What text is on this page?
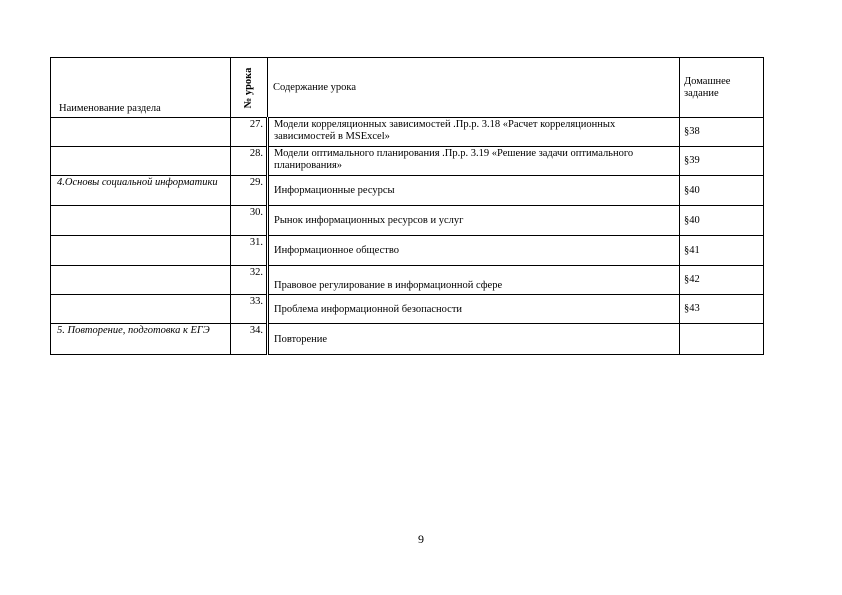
Наименование раздела	№ урока	Содержание урока	Домашнее задание
	27.	Модели корреляционных зависимостей .Пр.р. 3.18 «Расчет корреляционных зависимостей в MSExcel»	§38
	28.	Модели оптимального планирования .Пр.р. 3.19 «Решение задачи оптимального планирования»	§39
4.Основы социальной информатики	29.	Информационные ресурсы	§40
	30.	Рынок информационных ресурсов и услуг	§40
	31.	Информационное общество	§41
	32.	Правовое регулирование в информационной сфере	§42
	33.	Проблема информационной безопасности	§43
5. Повторение, подготовка к ЕГЭ	34.	Повторение	
9
